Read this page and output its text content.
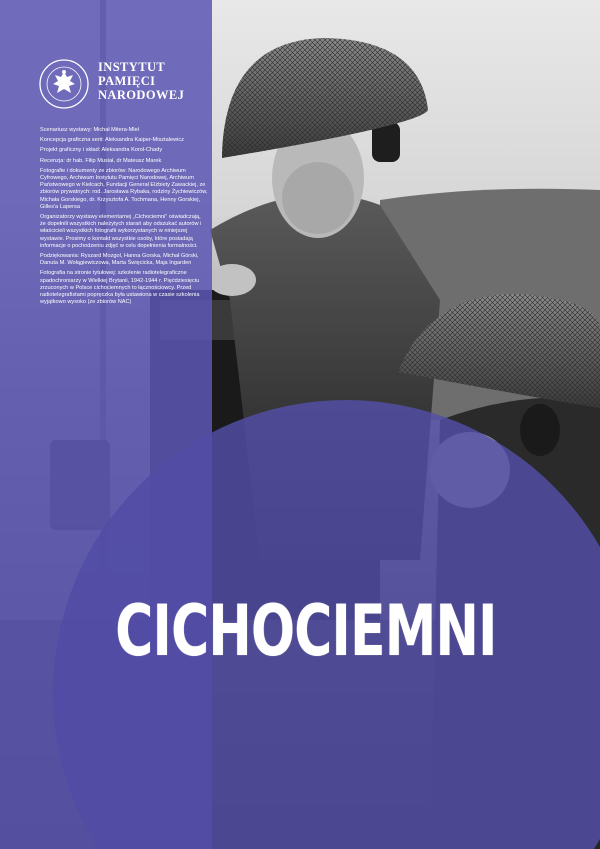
INSTYTUT
PAMIĘCI
NARODOWEJ

Scenariusz wystawy: Michał Mitera-Mleł

Koncepcja graficzna serii: Aleksandra Kaiper-Misztalewicz

Projekt graficzny i skład: Aleksandra Korol-Chady

Recenzja: dr hab. Filip Musiał, dr Mateusz Marek

Fotografie i dokumenty ze zbiorów: Narodowego Archiwum Cyfrowego, Archiwum Instytutu Pamięci Narodowej, Archiwum Państwowego w Kielcach, Fundacji Generał Elżbiety Zawackiej, ze zbiorów prywatnych: rod. Jarosława Rybaka, rodziny Żychiewiczów, Michała Gorskiego, dr. Krzysztofa A. Tochmana, Henny Gorskiej, Gilles'a Lapersa

Organizatorzy wystawy elementarnej „Cichociemni” oświadczają, że dopełnili wszystkich należytych starań aby odszukać autorów i właścicieli wszystkich fotografii wykorzystanych w niniejszej wystawie. Prosimy o kontakt wszystkie osoby, które posiadają informacje o pochodzeniu zdjęć w celu dopełnienia formalności.

Podziękowania: Ryszard Mozgol, Hanna Gorska, Michał Górski, Danuta M. Wołągiewiczowa, Marta Święcicka, Maja Ingarden

Fotografia na stronie tytułowej: szkolenie radiotelegraficzne spadochroniarzy w Wielkiej Brytanii, 1942-1944 r. Pięćdziesięciu zrzuconych w Polsce cichociemnych to łącznościowcy. Przed radiotelegrafistami popręczka była ustawiona w czasie szkolenia wyjątkowo wysoko (ze zbiorów NAC)

CICHOCIEMNI
